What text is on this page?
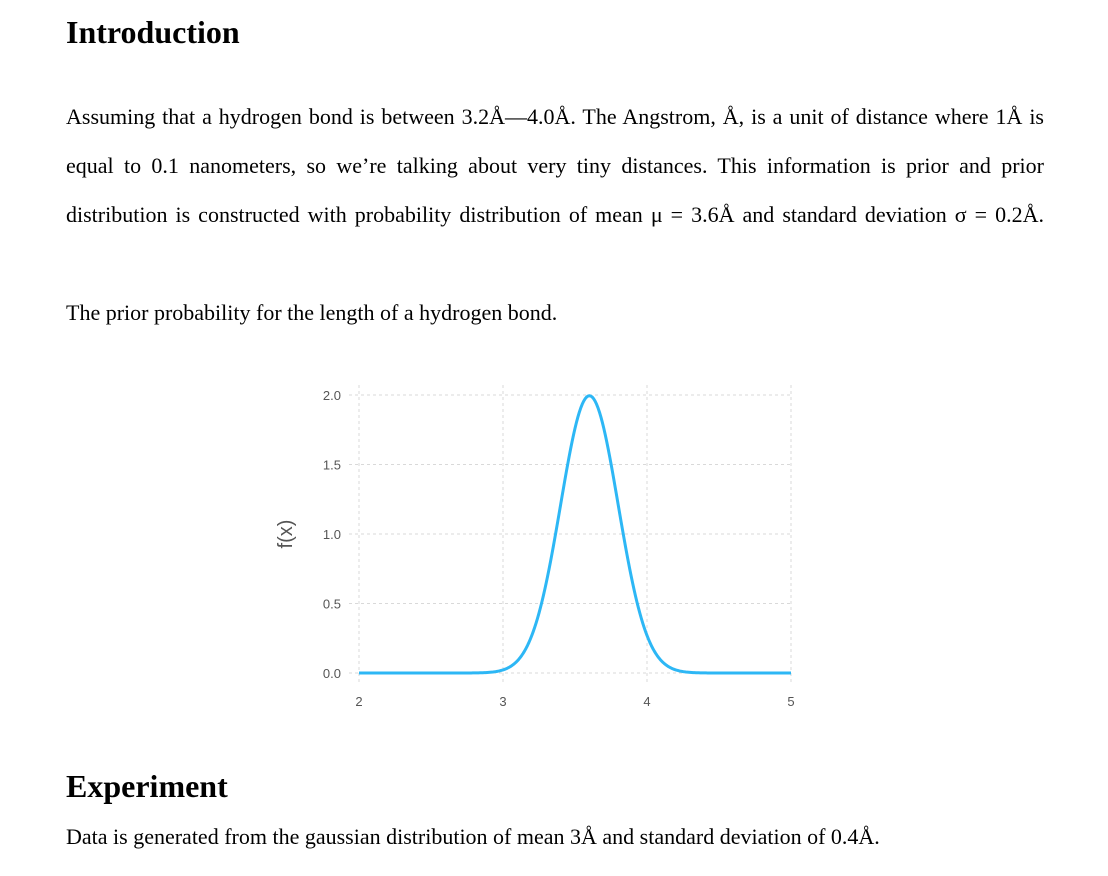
Introduction
Assuming that a hydrogen bond is between 3.2Å—4.0Å. The Angstrom, Å, is a unit of distance where 1Å is equal to 0.1 nanometers, so we’re talking about very tiny distances. This information is prior and prior distribution is constructed with probability distribution of mean μ = 3.6Å and standard deviation σ = 0.2Å.
The prior probability for the length of a hydrogen bond.
0.0
0.5
1.0
1.5
2.0
2	3	4	5
f(x)
Experiment
Data is generated from the gaussian distribution of mean 3Å and standard deviation of 0.4Å.
